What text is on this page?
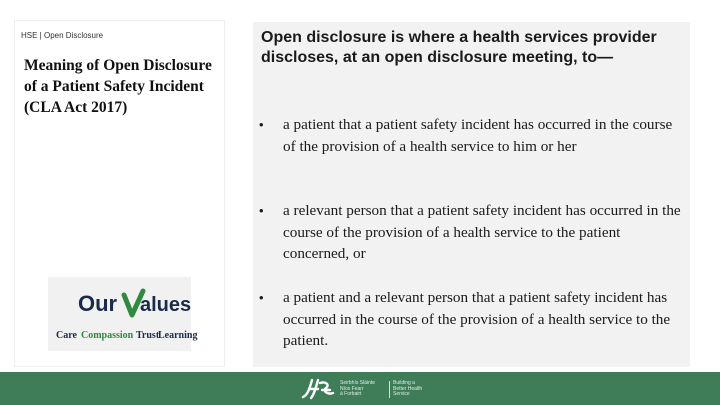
HSE | Open Disclosure
Meaning of Open Disclosure of a Patient Safety Incident (CLA Act 2017)
Our alues
Care Compassion Trust
Learning

Open disclosure is where a health services provider discloses, at an open disclosure meeting, to—

•	a patient that a patient safety incident has occurred in the course of the provision of a health service to him or her
•	a relevant person that a patient safety incident has occurred in the course of the provision of a health service to the patient concerned, or
•	a patient and a relevant person that a patient safety incident has occurred in the course of the provision of a health service to the patient.
Seirbhís Sláinte
Níos Fearr
á Forbairt
Building a
Better Health
Service
